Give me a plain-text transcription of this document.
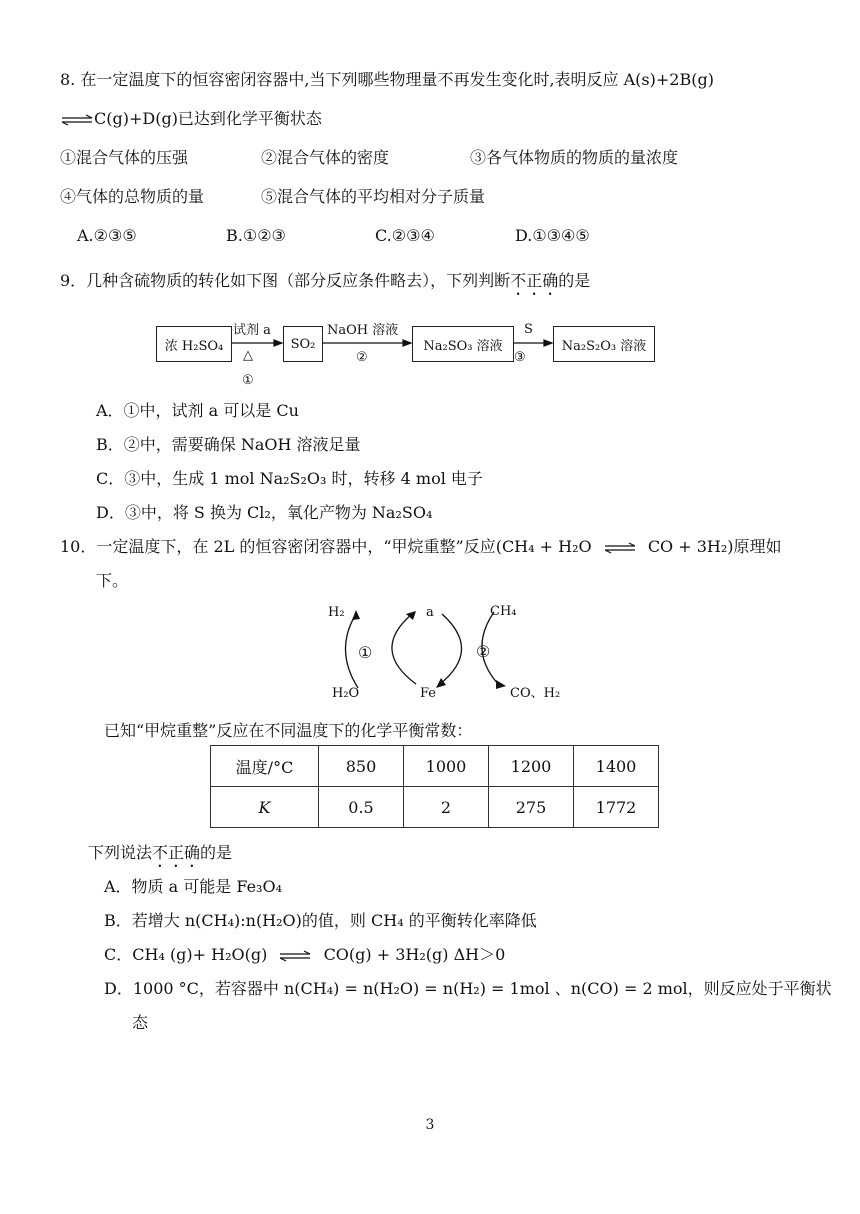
8. 在一定温度下的恒容密闭容器中,当下列哪些物理量不再发生变化时,表明反应 A(s)+2B(g)
⇌C(g)+D(g)已达到化学平衡状态
①混合气体的压强	②混合气体的密度	③各气体物质的物质的量浓度
④气体的总物质的量	⑤混合气体的平均相对分子质量
A.②③⑤	B.①②③	C.②③④	D.①③④⑤
9．几种含硫物质的转化如下图（部分反应条件略去），下列判断不正确的是
浓 H₂SO₄	SO₂	Na₂SO₃ 溶液	Na₂S₂O₃ 溶液
试剂 a
△
①
NaOH 溶液
②
S
③
A．①中，试剂 a 可以是 Cu
B．②中，需要确保 NaOH 溶液足量
C．③中，生成 1 mol Na₂S₂O₃ 时，转移 4 mol 电子
D．③中，将 S 换为 Cl₂，氧化产物为 Na₂SO₄
10．一定温度下，在 2L 的恒容密闭容器中，“甲烷重整”反应(CH₄ + H₂O ⇌ CO + 3H₂)原理如
下。
H₂	a	CH₄
①	②
H₂O	Fe	CO、H₂
已知“甲烷重整”反应在不同温度下的化学平衡常数：
温度/°C	850	1000	1200	1400
K	0.5	2	275	1772
下列说法不正确的是
A．物质 a 可能是 Fe₃O₄
B．若增大 n(CH₄):n(H₂O)的值，则 CH₄ 的平衡转化率降低
C．CH₄ (g)+ H₂O(g) ⇌ CO(g) + 3H₂(g) ΔH＞0
D．1000 °C，若容器中 n(CH₄) = n(H₂O) = n(H₂) = 1mol 、n(CO) = 2 mol，则反应处于平衡状
态
3
